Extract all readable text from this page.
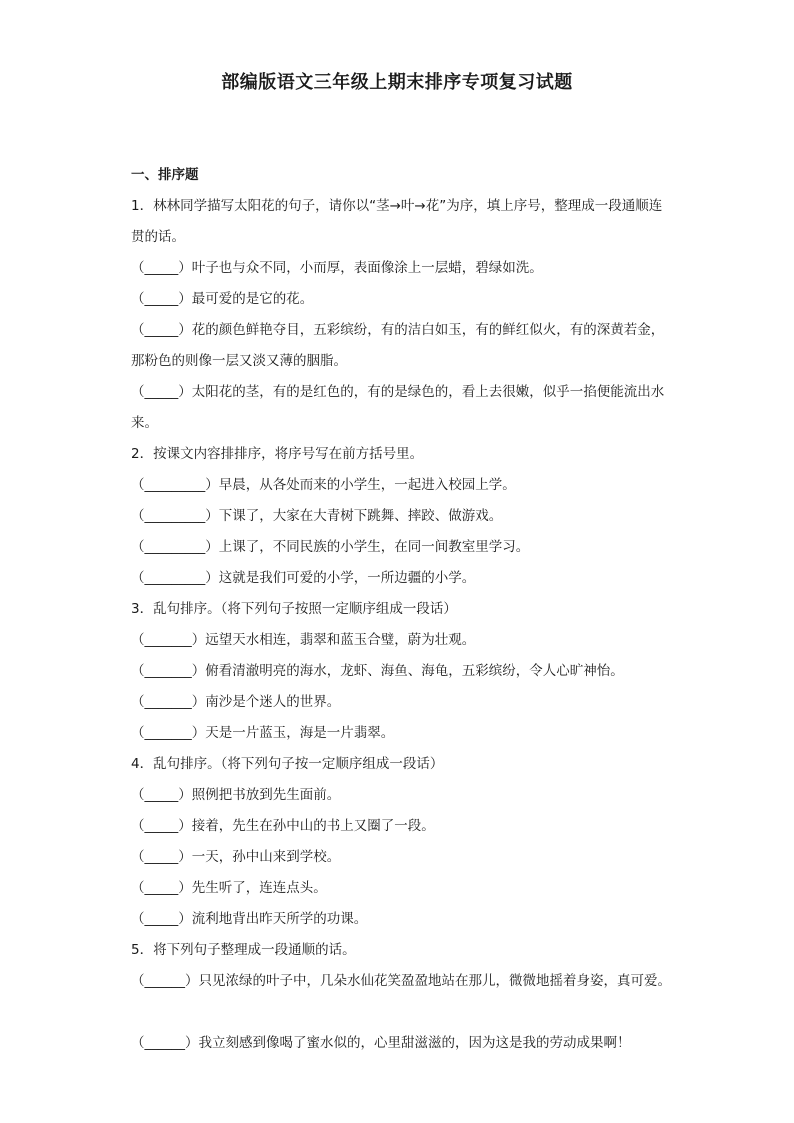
部编版语文三年级上期末排序专项复习试题
一、排序题
1．林林同学描写太阳花的句子，请你以“茎→叶→花”为序，填上序号，整理成一段通顺连贯的话。
（_____）叶子也与众不同，小而厚，表面像涂上一层蜡，碧绿如洗。
（_____）最可爱的是它的花。
（_____）花的颜色鲜艳夺目，五彩缤纷，有的洁白如玉，有的鲜红似火，有的深黄若金，那粉色的则像一层又淡又薄的胭脂。
（_____）太阳花的茎，有的是红色的，有的是绿色的，看上去很嫩，似乎一掐便能流出水来。
2．按课文内容排排序，将序号写在前方括号里。
（_________）早晨，从各处而来的小学生，一起进入校园上学。
（_________）下课了，大家在大青树下跳舞、摔跤、做游戏。
（_________）上课了，不同民族的小学生，在同一间教室里学习。
（_________）这就是我们可爱的小学，一所边疆的小学。
3．乱句排序。（将下列句子按照一定顺序组成一段话）
（_______）远望天水相连，翡翠和蓝玉合璧，蔚为壮观。
（_______）俯看清澈明亮的海水，龙虾、海鱼、海龟，五彩缤纷，令人心旷神怡。
（_______）南沙是个迷人的世界。
（_______）天是一片蓝玉，海是一片翡翠。
4．乱句排序。（将下列句子按一定顺序组成一段话）
（_____）照例把书放到先生面前。
（_____）接着，先生在孙中山的书上又圈了一段。
（_____）一天，孙中山来到学校。
（_____）先生听了，连连点头。
（_____）流利地背出昨天所学的功课。
5．将下列句子整理成一段通顺的话。
（______）只见浓绿的叶子中，几朵水仙花笑盈盈地站在那儿，微微地摇着身姿，真可爱。
（______）我立刻感到像喝了蜜水似的，心里甜滋滋的，因为这是我的劳动成果啊！
